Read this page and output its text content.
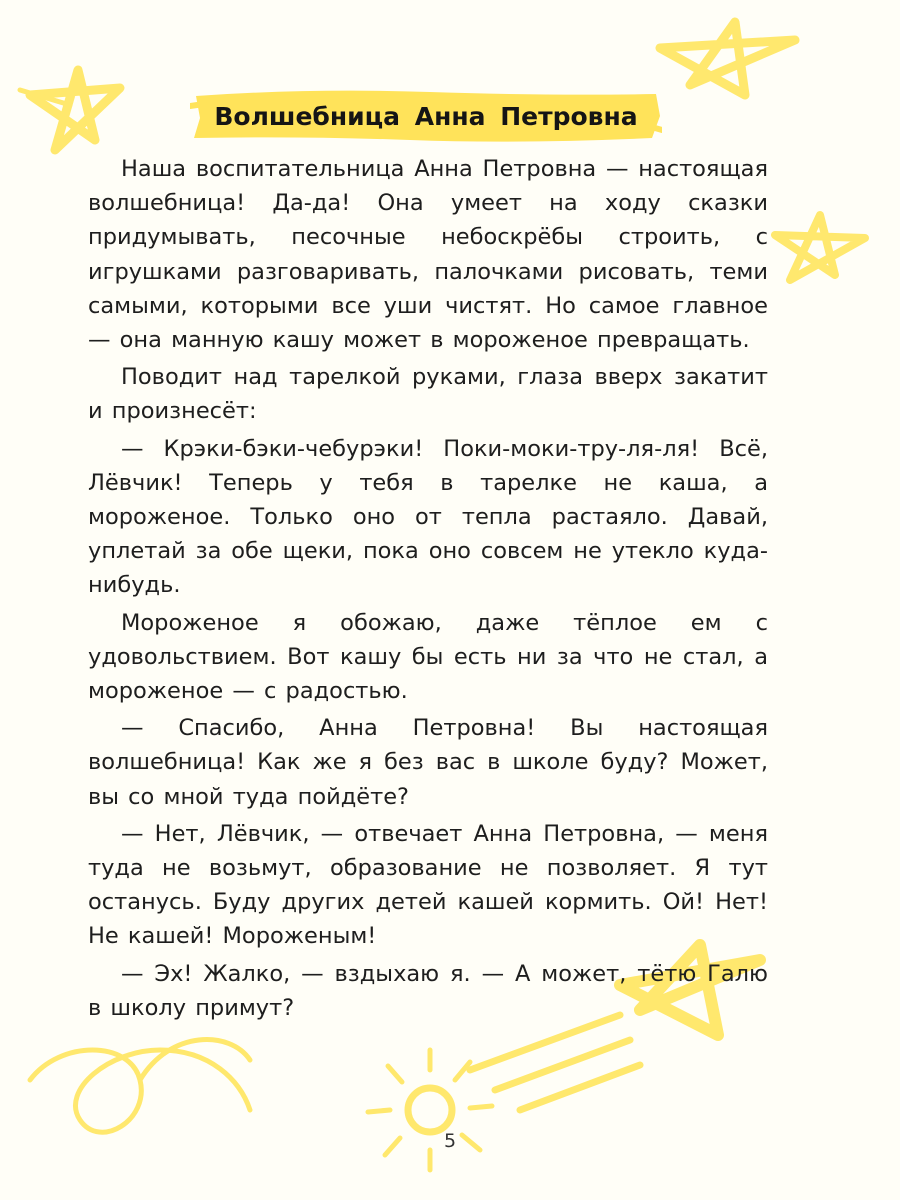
Волшебница Анна Петровна

Наша воспитательница Анна Петровна — настоящая волшебница! Да-да! Она умеет на ходу сказки придумывать, песочные небоскрёбы строить, с игрушками разговаривать, палочками рисовать, теми самыми, которыми все уши чистят. Но самое главное — она манную кашу может в мороженое превращать.

Поводит над тарелкой руками, глаза вверх закатит и произнесёт:

— Крэки-бэки-чебурэки! Поки-моки-тру-ля-ля! Всё, Лёвчик! Теперь у тебя в тарелке не каша, а мороженое. Только оно от тепла растаяло. Давай, уплетай за обе щеки, пока оно совсем не утекло куда-нибудь.

Мороженое я обожаю, даже тёплое ем с удовольствием. Вот кашу бы есть ни за что не стал, а мороженое — с радостью.

— Спасибо, Анна Петровна! Вы настоящая волшебница! Как же я без вас в школе буду? Может, вы со мной туда пойдёте?

— Нет, Лёвчик, — отвечает Анна Петровна, — меня туда не возьмут, образование не позволяет. Я тут останусь. Буду других детей кашей кормить. Ой! Нет! Не кашей! Мороженым!

— Эх! Жалко, — вздыхаю я. — А может, тётю Галю в школу примут?

5
